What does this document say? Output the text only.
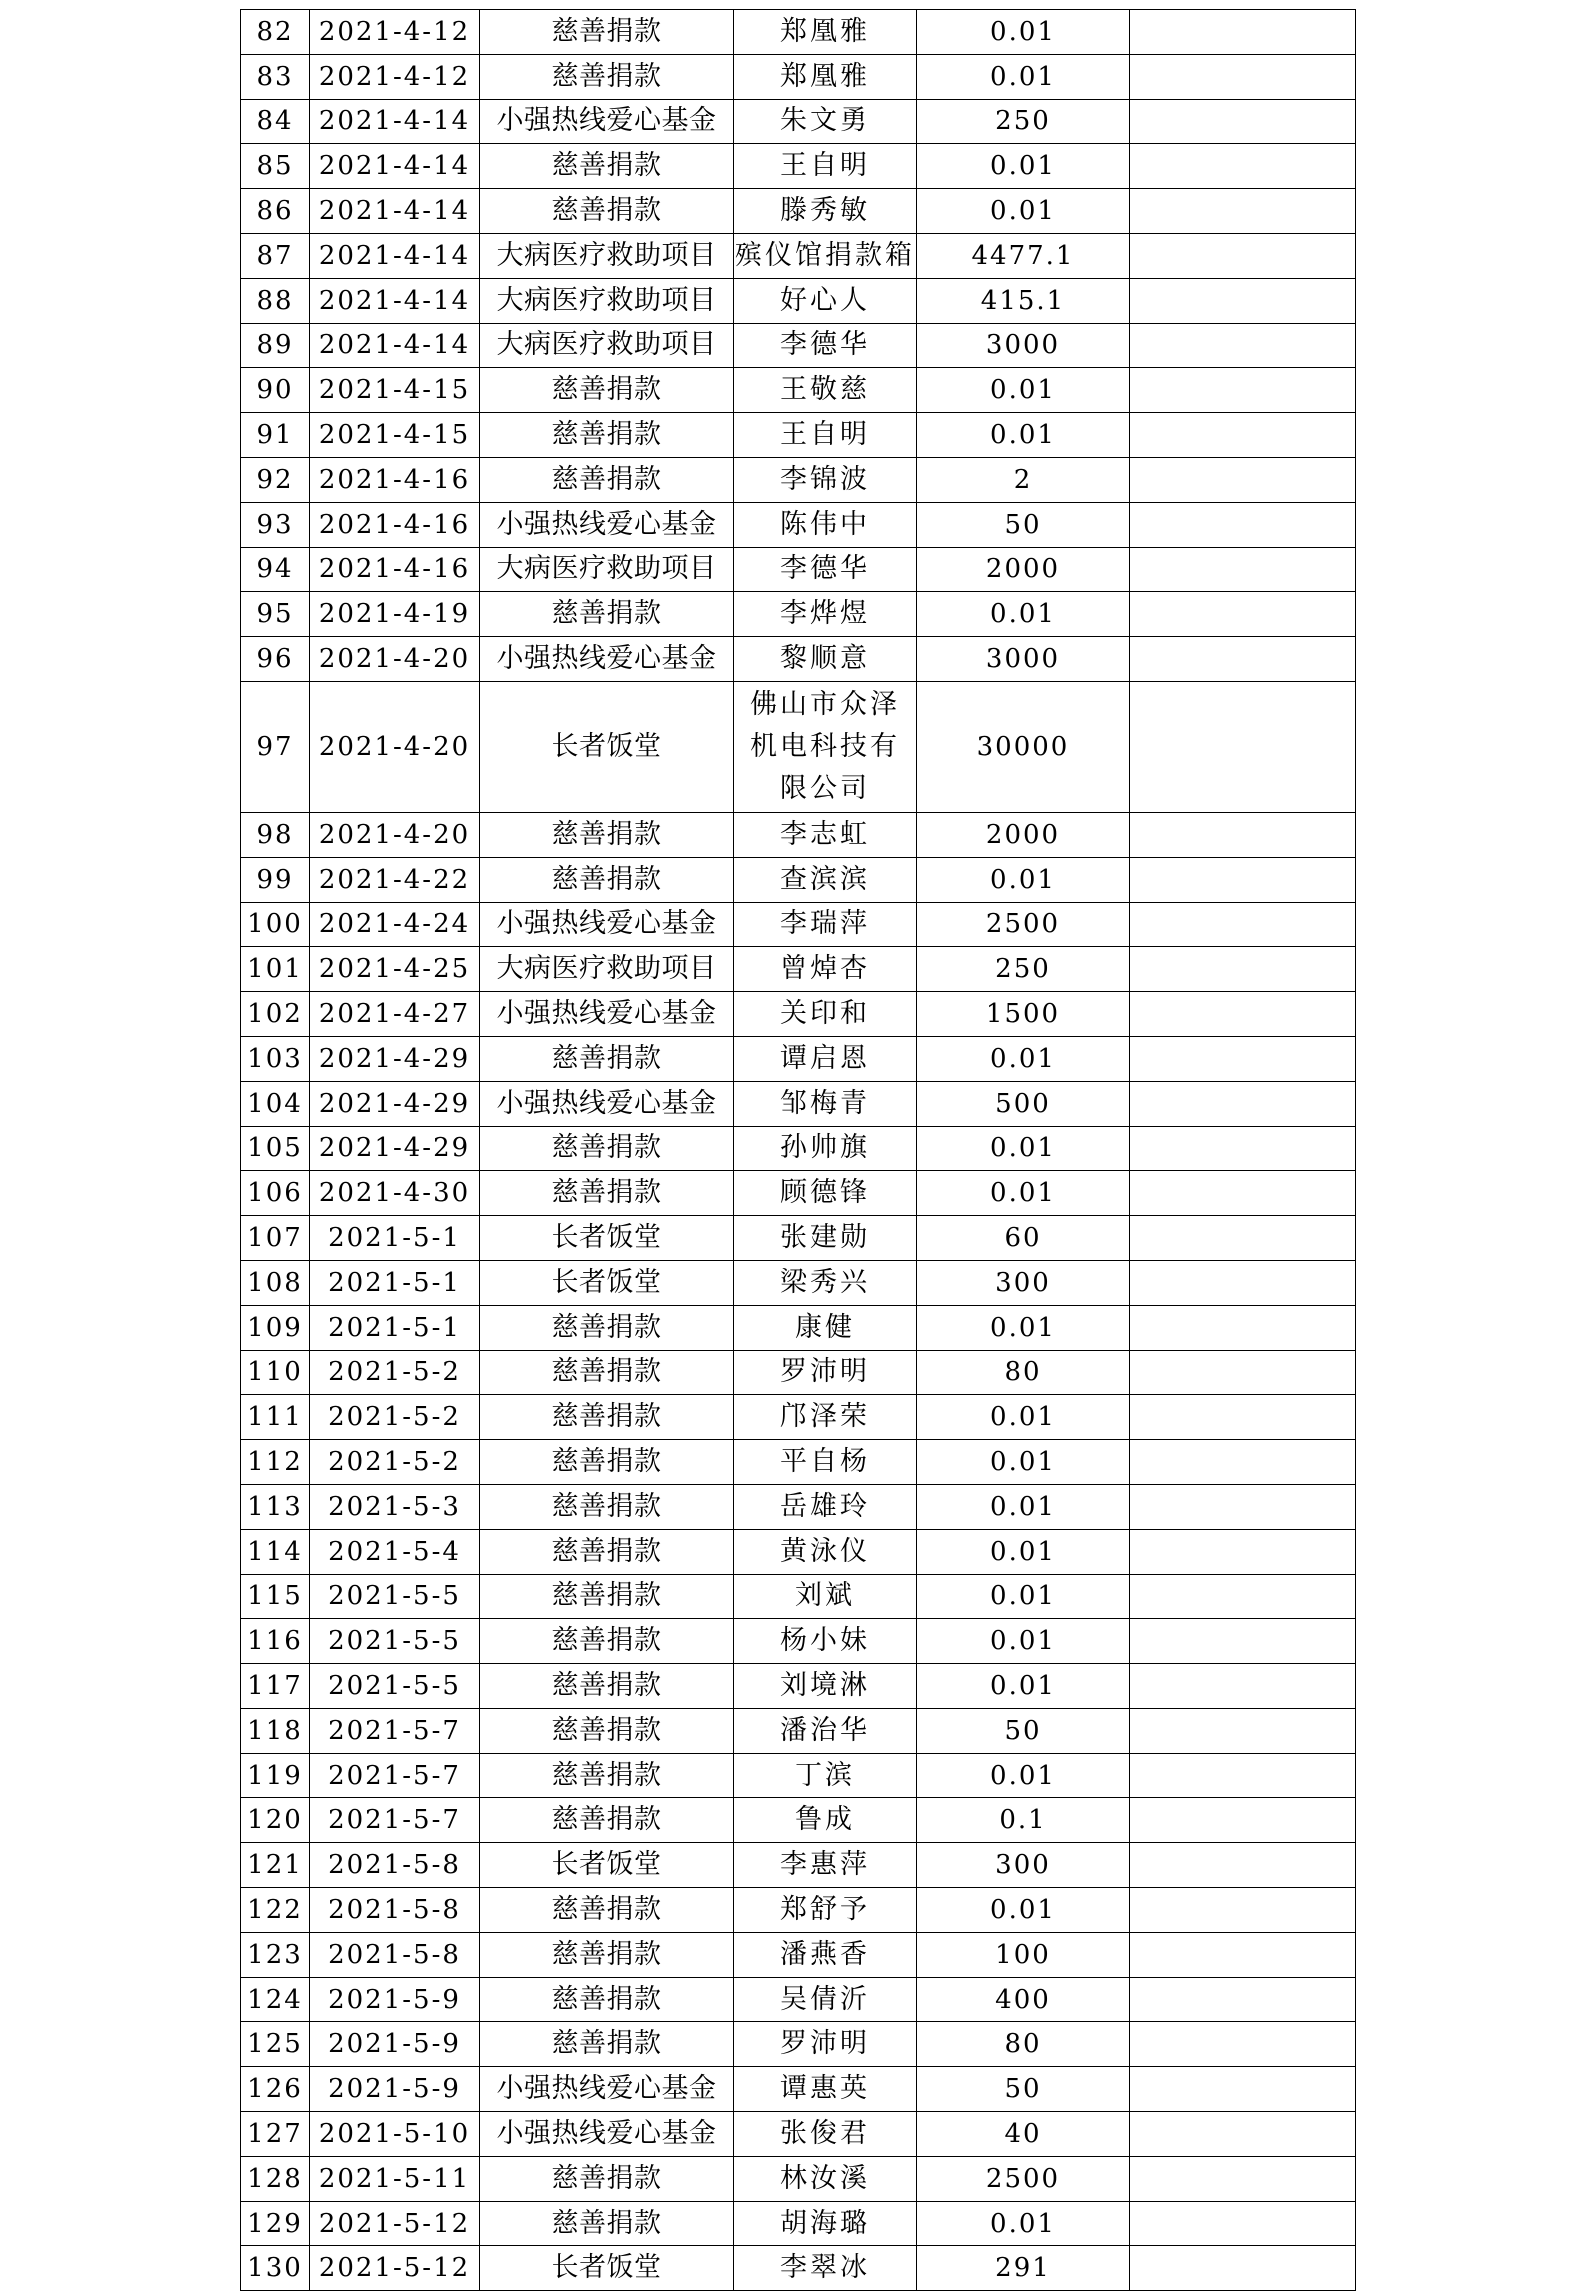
82	2021-4-12	慈善捐款	郑凰雅	0.01	
83	2021-4-12	慈善捐款	郑凰雅	0.01	
84	2021-4-14	小强热线爱心基金	朱文勇	250	
85	2021-4-14	慈善捐款	王自明	0.01	
86	2021-4-14	慈善捐款	滕秀敏	0.01	
87	2021-4-14	大病医疗救助项目	殡仪馆捐款箱	4477.1	
88	2021-4-14	大病医疗救助项目	好心人	415.1	
89	2021-4-14	大病医疗救助项目	李德华	3000	
90	2021-4-15	慈善捐款	王敬慈	0.01	
91	2021-4-15	慈善捐款	王自明	0.01	
92	2021-4-16	慈善捐款	李锦波	2	
93	2021-4-16	小强热线爱心基金	陈伟中	50	
94	2021-4-16	大病医疗救助项目	李德华	2000	
95	2021-4-19	慈善捐款	李烨煜	0.01	
96	2021-4-20	小强热线爱心基金	黎顺意	3000	
97	2021-4-20	长者饭堂	佛山市众泽机电科技有限公司	30000	
98	2021-4-20	慈善捐款	李志虹	2000	
99	2021-4-22	慈善捐款	查滨滨	0.01	
100	2021-4-24	小强热线爱心基金	李瑞萍	2500	
101	2021-4-25	大病医疗救助项目	曾焯杏	250	
102	2021-4-27	小强热线爱心基金	关印和	1500	
103	2021-4-29	慈善捐款	谭启恩	0.01	
104	2021-4-29	小强热线爱心基金	邹梅青	500	
105	2021-4-29	慈善捐款	孙帅旗	0.01	
106	2021-4-30	慈善捐款	顾德锋	0.01	
107	2021-5-1	长者饭堂	张建勋	60	
108	2021-5-1	长者饭堂	梁秀兴	300	
109	2021-5-1	慈善捐款	康健	0.01	
110	2021-5-2	慈善捐款	罗沛明	80	
111	2021-5-2	慈善捐款	邝泽荣	0.01	
112	2021-5-2	慈善捐款	平自杨	0.01	
113	2021-5-3	慈善捐款	岳雄玲	0.01	
114	2021-5-4	慈善捐款	黄泳仪	0.01	
115	2021-5-5	慈善捐款	刘斌	0.01	
116	2021-5-5	慈善捐款	杨小妹	0.01	
117	2021-5-5	慈善捐款	刘境淋	0.01	
118	2021-5-7	慈善捐款	潘治华	50	
119	2021-5-7	慈善捐款	丁滨	0.01	
120	2021-5-7	慈善捐款	鲁成	0.1	
121	2021-5-8	长者饭堂	李惠萍	300	
122	2021-5-8	慈善捐款	郑舒予	0.01	
123	2021-5-8	慈善捐款	潘燕香	100	
124	2021-5-9	慈善捐款	吴倩沂	400	
125	2021-5-9	慈善捐款	罗沛明	80	
126	2021-5-9	小强热线爱心基金	谭惠英	50	
127	2021-5-10	小强热线爱心基金	张俊君	40	
128	2021-5-11	慈善捐款	林汝溪	2500	
129	2021-5-12	慈善捐款	胡海璐	0.01	
130	2021-5-12	长者饭堂	李翠冰	291	
